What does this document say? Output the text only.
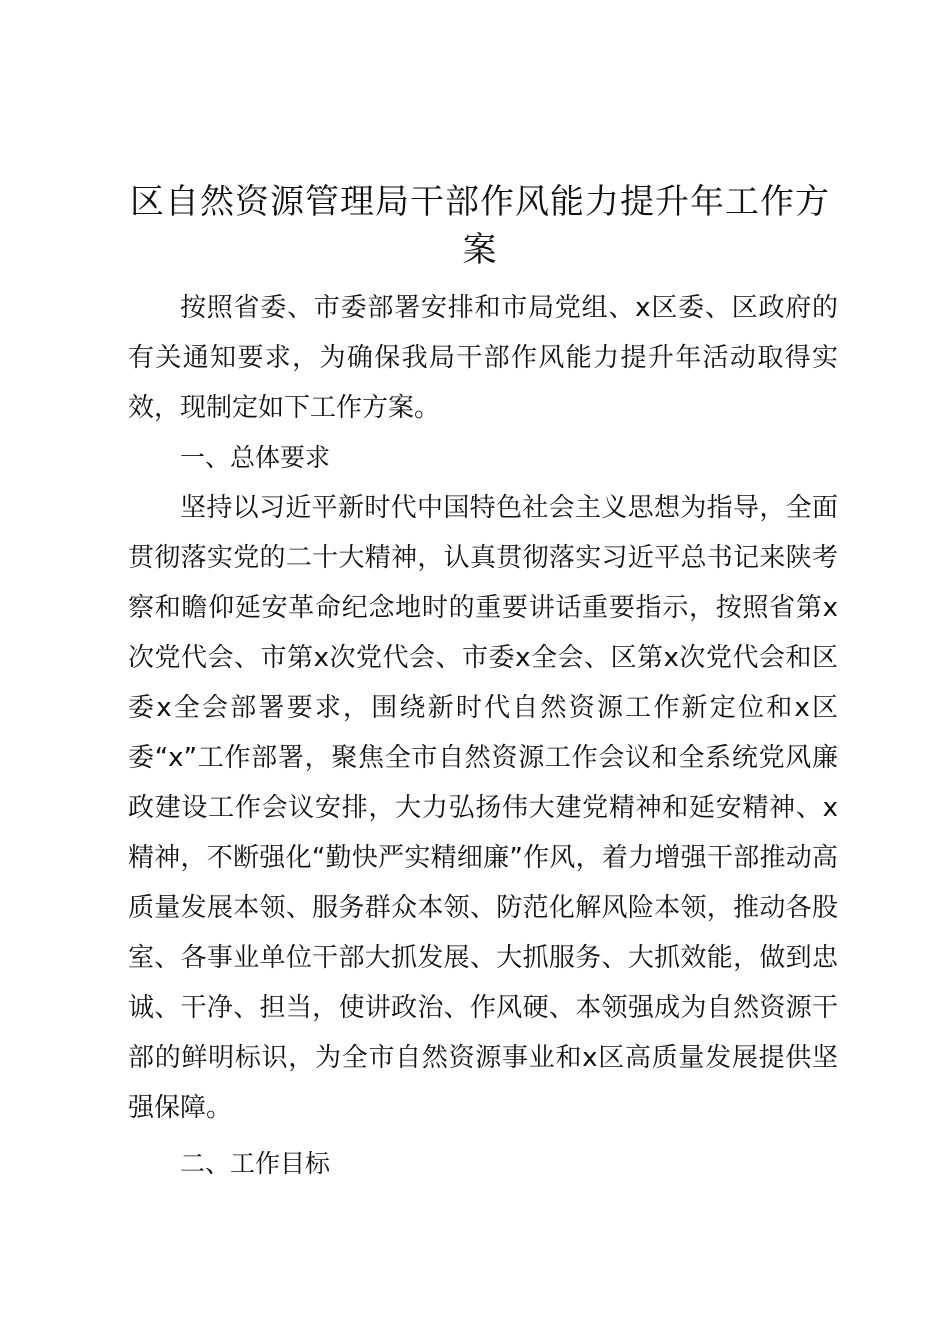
区自然资源管理局干部作风能力提升年工作方案

按照省委、市委部署安排和市局党组、x区委、区政府的有关通知要求，为确保我局干部作风能力提升年活动取得实效，现制定如下工作方案。

一、总体要求

坚持以习近平新时代中国特色社会主义思想为指导，全面贯彻落实党的二十大精神，认真贯彻落实习近平总书记来陕考察和瞻仰延安革命纪念地时的重要讲话重要指示，按照省第x次党代会、市第x次党代会、市委x全会、区第x次党代会和区委x全会部署要求，围绕新时代自然资源工作新定位和x区委“x”工作部署，聚焦全市自然资源工作会议和全系统党风廉政建设工作会议安排，大力弘扬伟大建党精神和延安精神、x精神，不断强化“勤快严实精细廉”作风，着力增强干部推动高质量发展本领、服务群众本领、防范化解风险本领，推动各股室、各事业单位干部大抓发展、大抓服务、大抓效能，做到忠诚、干净、担当，使讲政治、作风硬、本领强成为自然资源干部的鲜明标识，为全市自然资源事业和x区高质量发展提供坚强保障。

二、工作目标
